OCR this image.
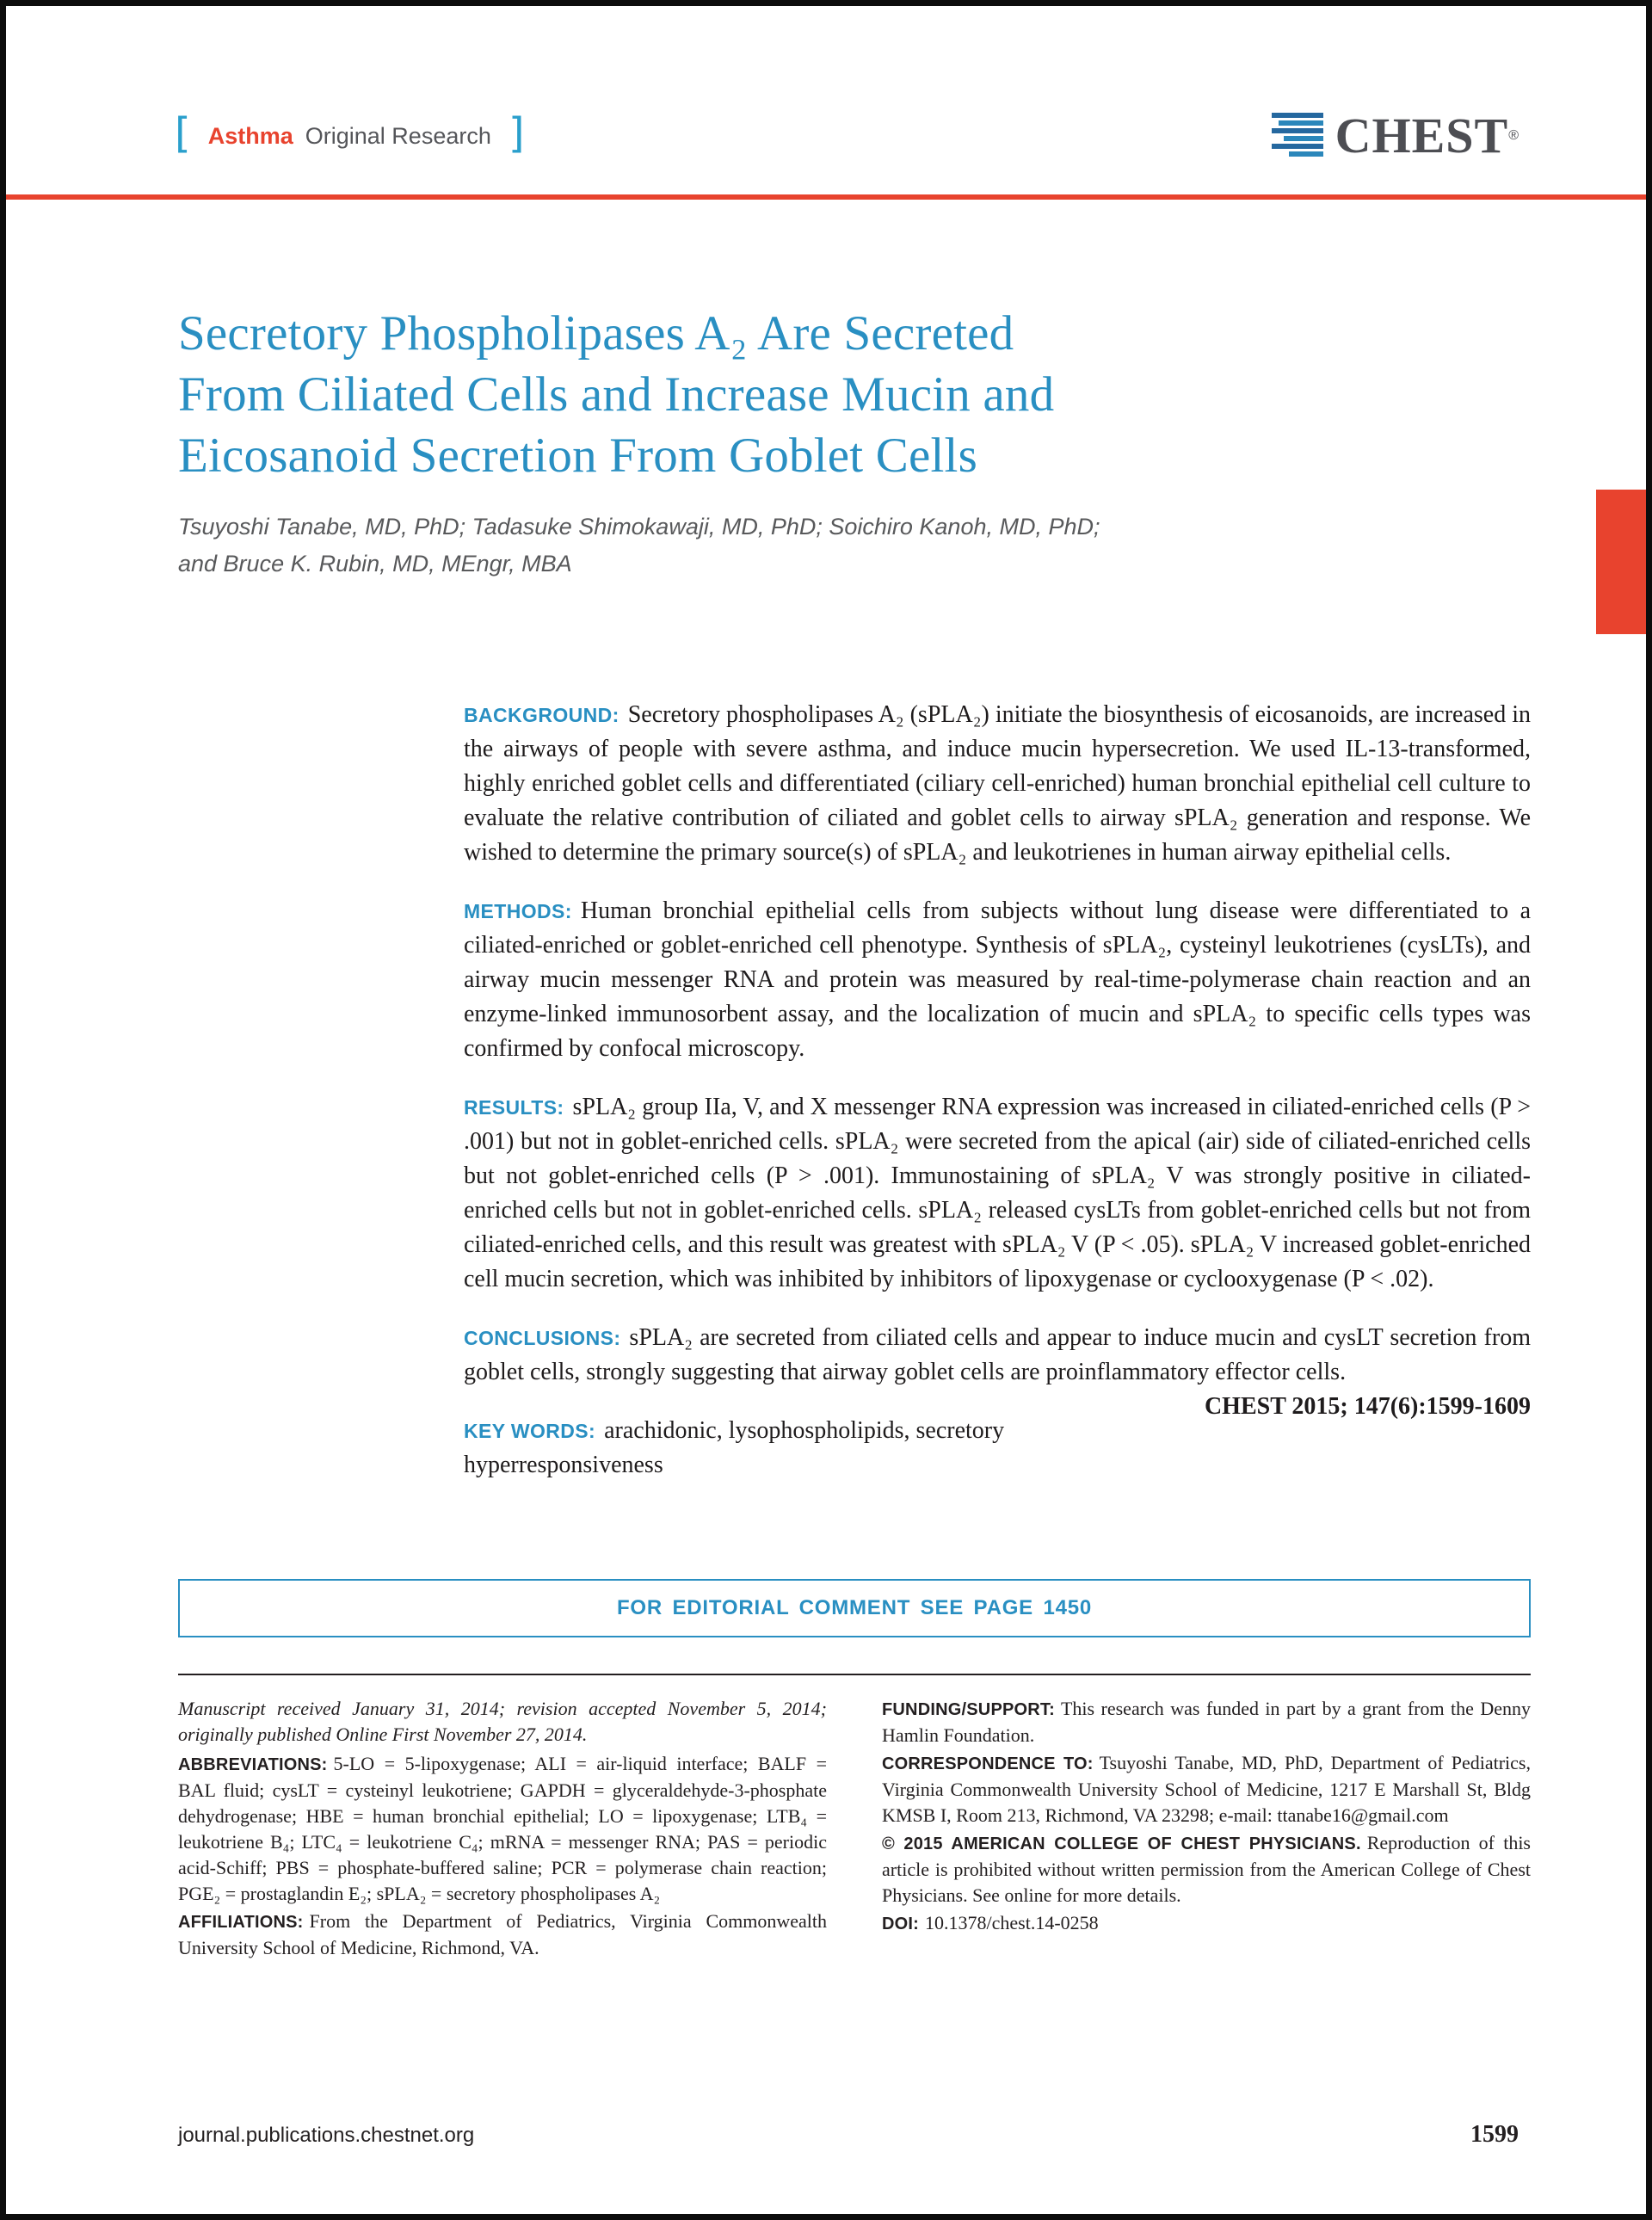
[ Asthma Original Research ]	CHEST ®
Secretory Phospholipases A₂ Are Secreted
From Ciliated Cells and Increase Mucin and
Eicosanoid Secretion From Goblet Cells

Tsuyoshi Tanabe, MD, PhD; Tadasuke Shimokawaji, MD, PhD; Soichiro Kanoh, MD, PhD;
and Bruce K. Rubin, MD, MEngr, MBA

BACKGROUND: Secretory phospholipases A₂ (sPLA₂) initiate the biosynthesis of eicosanoids, are increased in the airways of people with severe asthma, and induce mucin hypersecretion. We used IL-13-transformed, highly enriched goblet cells and differentiated (ciliary cell-enriched) human bronchial epithelial cell culture to evaluate the relative contribution of ciliated and goblet cells to airway sPLA₂ generation and response. We wished to determine the primary source(s) of sPLA₂ and leukotrienes in human airway epithelial cells.

METHODS: Human bronchial epithelial cells from subjects without lung disease were differentiated to a ciliated-enriched or goblet-enriched cell phenotype. Synthesis of sPLA₂, cysteinyl leukotrienes (cysLTs), and airway mucin messenger RNA and protein was measured by real-time-polymerase chain reaction and an enzyme-linked immunosorbent assay, and the localization of mucin and sPLA₂ to specific cells types was confirmed by confocal microscopy.

RESULTS: sPLA₂ group IIa, V, and X messenger RNA expression was increased in ciliated-enriched cells (P > .001) but not in goblet-enriched cells. sPLA₂ were secreted from the apical (air) side of ciliated-enriched cells but not goblet-enriched cells (P > .001). Immunostaining of sPLA₂ V was strongly positive in ciliated-enriched cells but not in goblet-enriched cells. sPLA₂ released cysLTs from goblet-enriched cells but not from ciliated-enriched cells, and this result was greatest with sPLA₂ V (P < .05). sPLA₂ V increased goblet-enriched cell mucin secretion, which was inhibited by inhibitors of lipoxygenase or cyclooxygenase (P < .02).

CONCLUSIONS: sPLA₂ are secreted from ciliated cells and appear to induce mucin and cysLT secretion from goblet cells, strongly suggesting that airway goblet cells are proinflammatory effector cells.
CHEST 2015; 147(6):1599-1609

KEY WORDS: arachidonic, lysophospholipids, secretory hyperresponsiveness

FOR EDITORIAL COMMENT SEE PAGE 1450

Manuscript received January 31, 2014; revision accepted November 5, 2014; originally published Online First November 27, 2014.

ABBREVIATIONS: 5-LO = 5-lipoxygenase; ALI = air-liquid interface; BALF = BAL fluid; cysLT = cysteinyl leukotriene; GAPDH = glyceraldehyde-3-phosphate dehydrogenase; HBE = human bronchial epithelial; LO = lipoxygenase; LTB₄ = leukotriene B₄; LTC₄ = leukotriene C₄; mRNA = messenger RNA; PAS = periodic acid-Schiff; PBS = phosphate-buffered saline; PCR = polymerase chain reaction; PGE₂ = prostaglandin E₂; sPLA₂ = secretory phospholipases A₂

AFFILIATIONS: From the Department of Pediatrics, Virginia Commonwealth University School of Medicine, Richmond, VA.

FUNDING/SUPPORT: This research was funded in part by a grant from the Denny Hamlin Foundation.

CORRESPONDENCE TO: Tsuyoshi Tanabe, MD, PhD, Department of Pediatrics, Virginia Commonwealth University School of Medicine, 1217 E Marshall St, Bldg KMSB I, Room 213, Richmond, VA 23298; e-mail: ttanabe16@gmail.com

© 2015 AMERICAN COLLEGE OF CHEST PHYSICIANS. Reproduction of this article is prohibited without written permission from the American College of Chest Physicians. See online for more details.

DOI: 10.1378/chest.14-0258

journal.publications.chestnet.org	1599
